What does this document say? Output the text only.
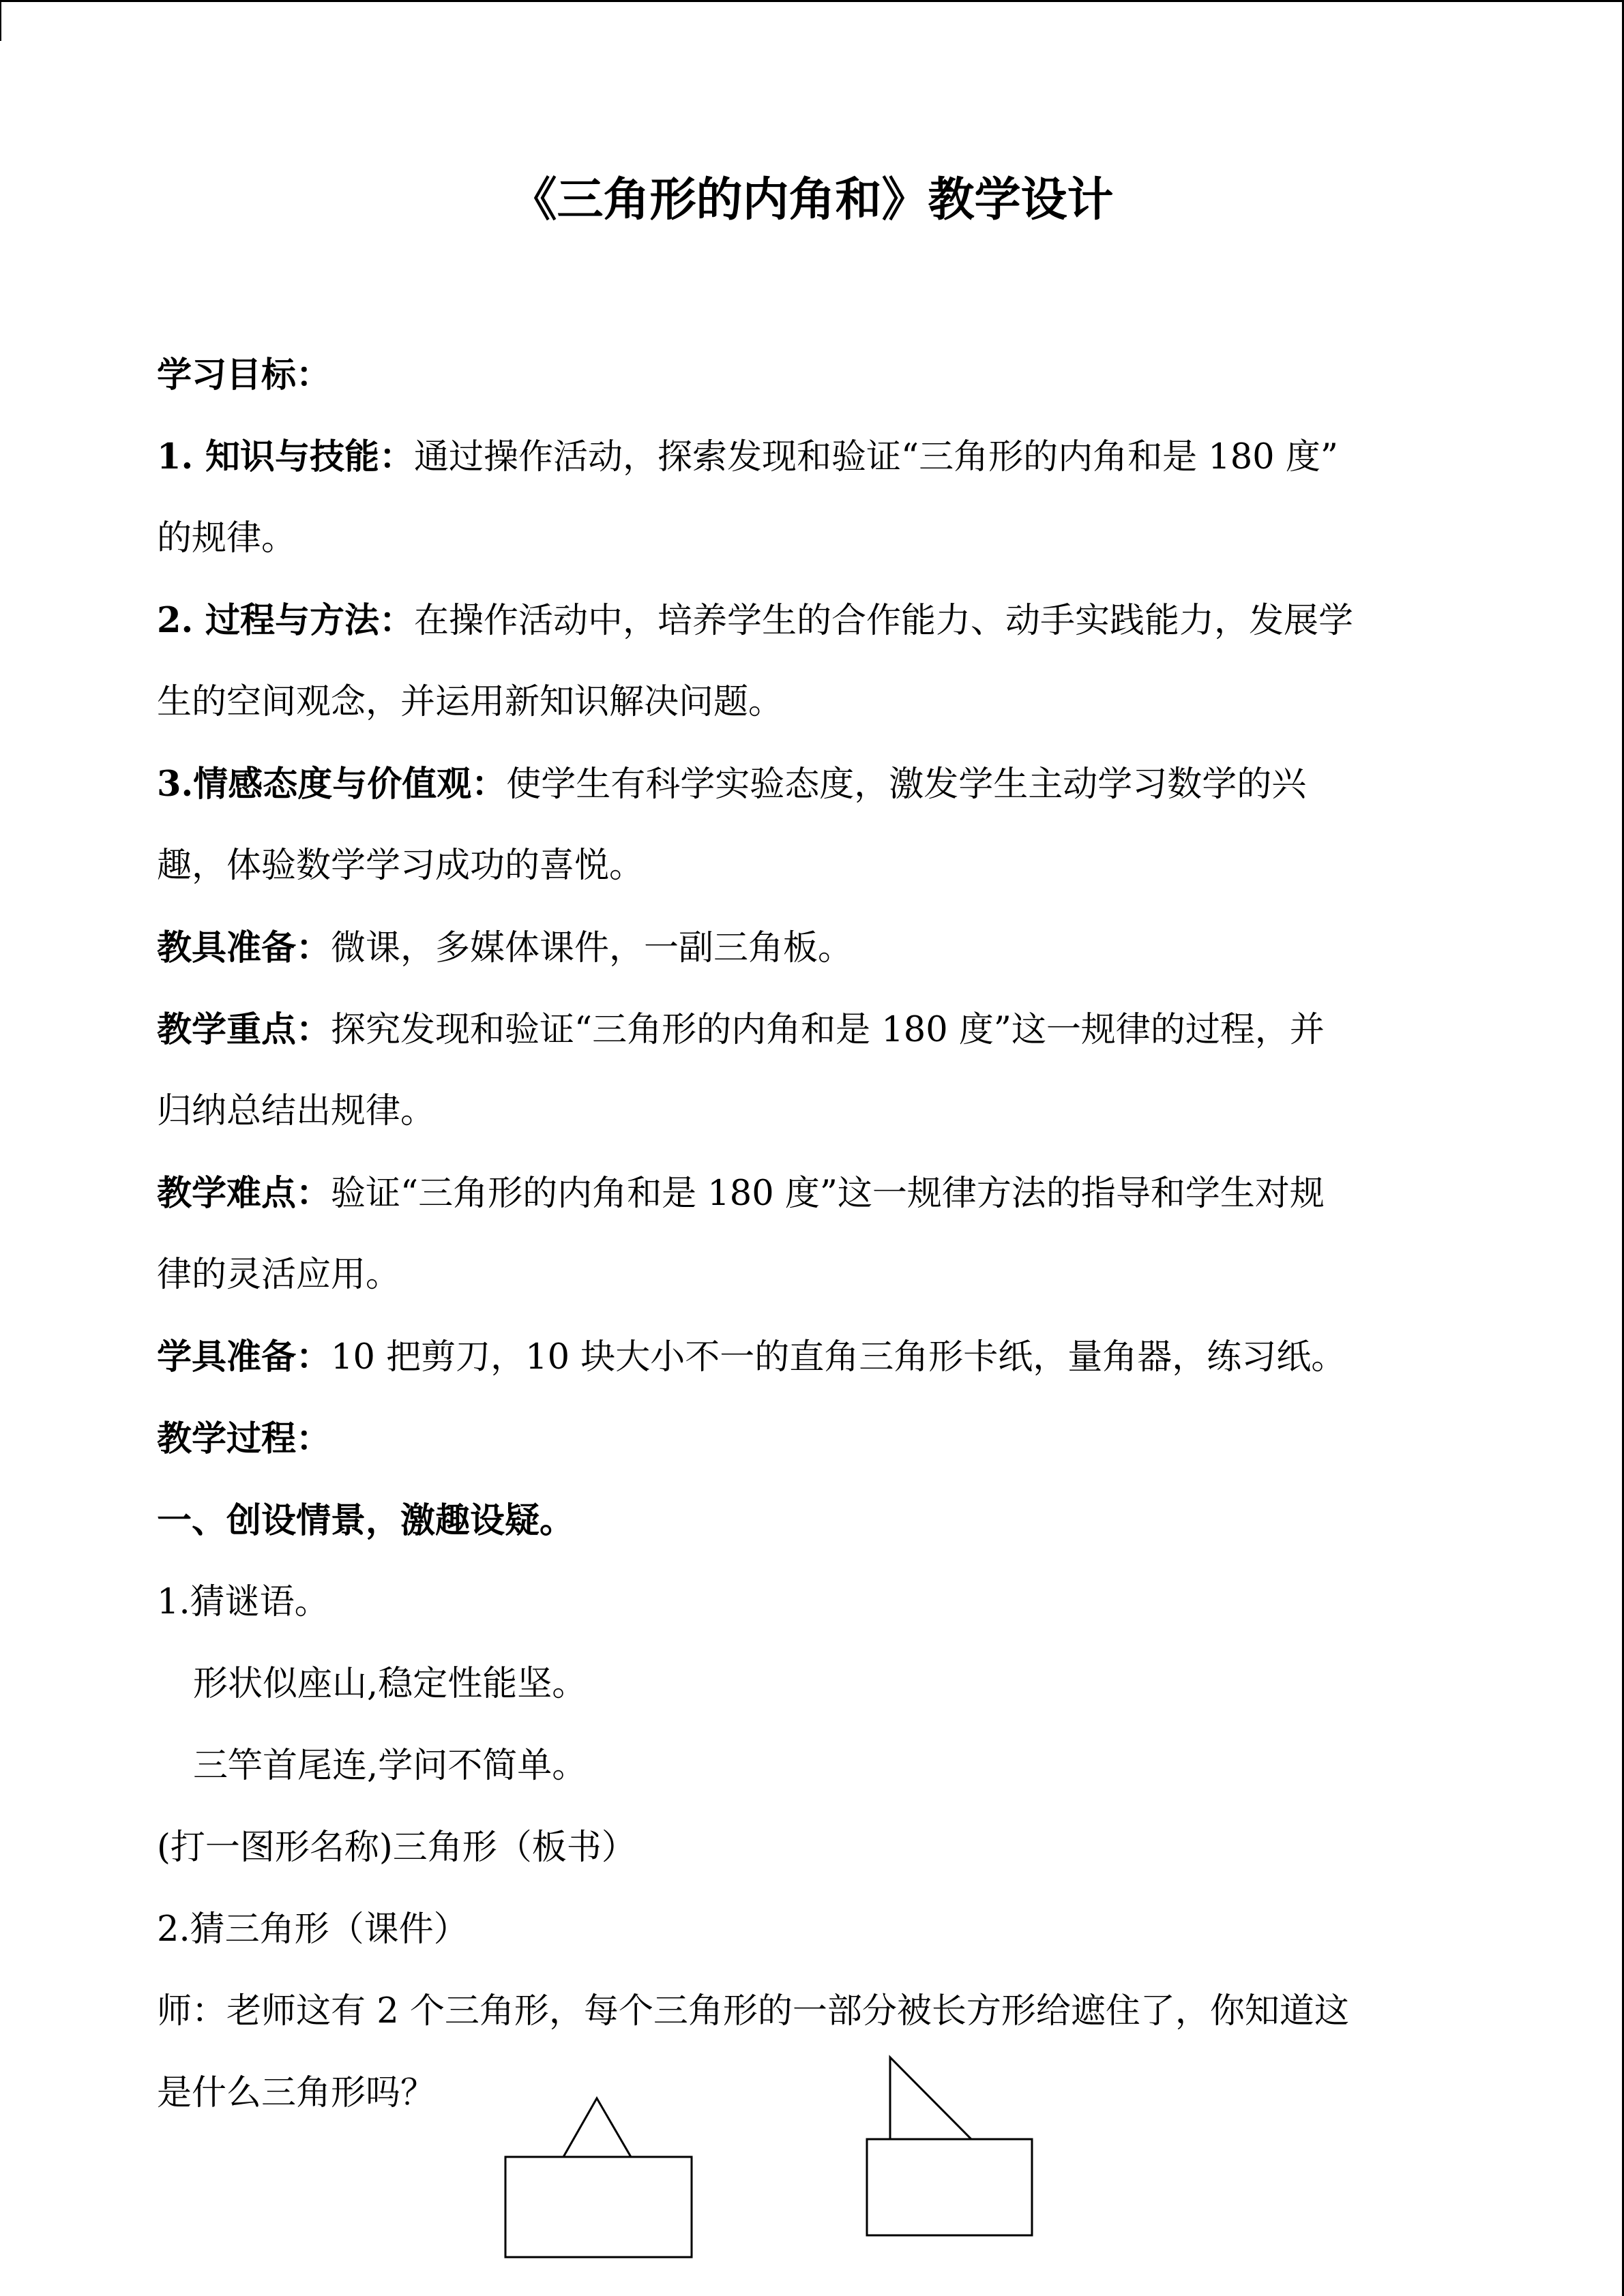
《三角形的内角和》教学设计
学习目标：
1. 知识与技能：通过操作活动，探索发现和验证“三角形的内角和是 180 度”
的规律。
2. 过程与方法：在操作活动中，培养学生的合作能力、动手实践能力，发展学
生的空间观念，并运用新知识解决问题。
3.情感态度与价值观：使学生有科学实验态度，激发学生主动学习数学的兴
趣，体验数学学习成功的喜悦。
教具准备：微课，多媒体课件，一副三角板。
教学重点：探究发现和验证“三角形的内角和是 180 度”这一规律的过程，并
归纳总结出规律。
教学难点：验证“三角形的内角和是 180 度”这一规律方法的指导和学生对规
律的灵活应用。
学具准备：10 把剪刀，10 块大小不一的直角三角形卡纸，量角器，练习纸。
教学过程：
一、创设情景，激趣设疑。
1.猜谜语。
形状似座山,稳定性能坚。
三竿首尾连,学问不简单。
(打一图形名称)三角形（板书）
2.猜三角形（课件）
师：老师这有 2 个三角形，每个三角形的一部分被长方形给遮住了，你知道这
是什么三角形吗？
